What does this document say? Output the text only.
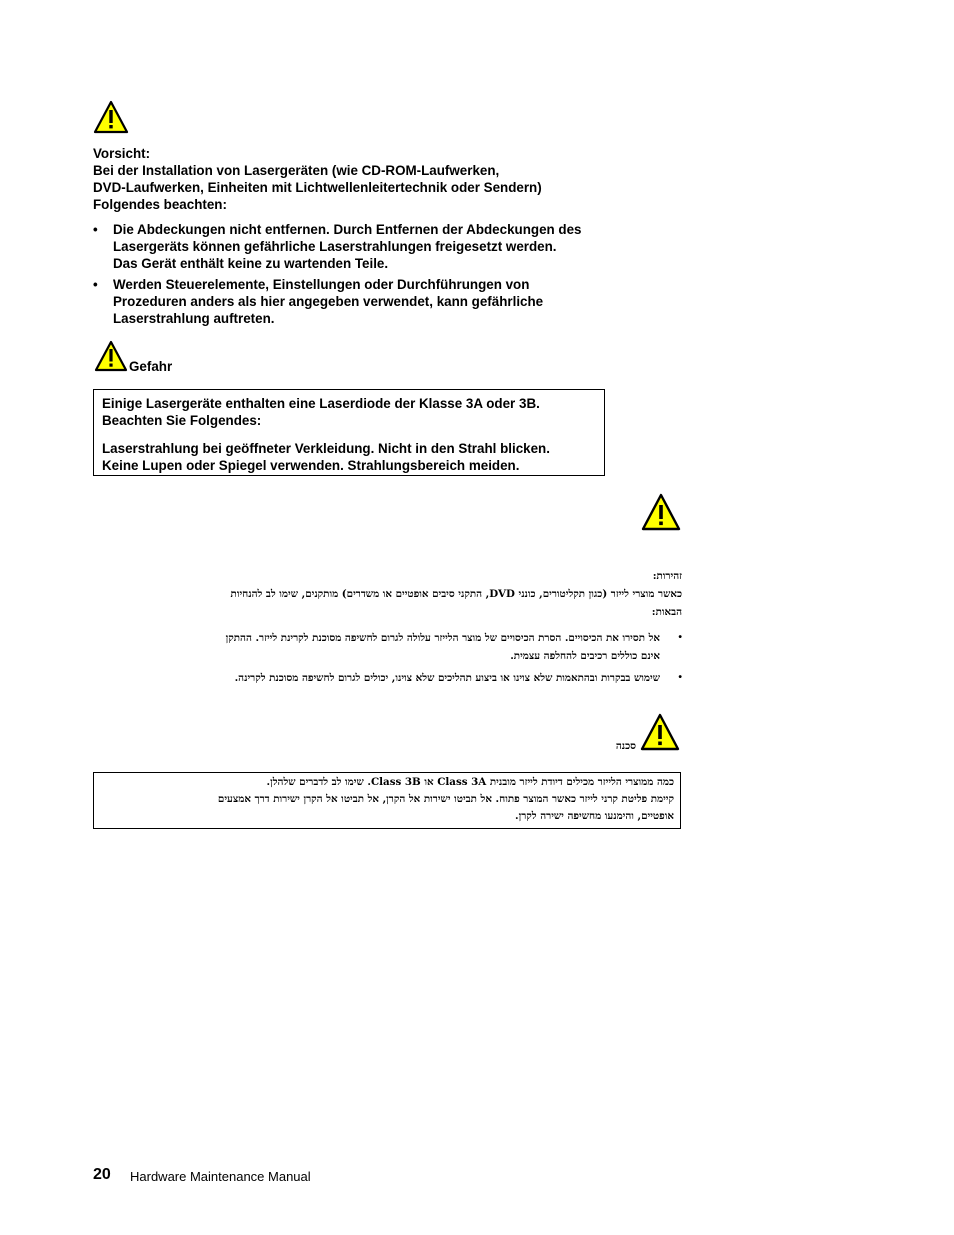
Vorsicht:

Bei der Installation von Lasergeräten (wie CD-ROM-Laufwerken,

DVD-Laufwerken, Einheiten mit Lichtwellenleitertechnik oder Sendern)

Folgendes beachten:

• Die Abdeckungen nicht entfernen. Durch Entfernen der Abdeckungen des

Lasergeräts können gefährliche Laserstrahlungen freigesetzt werden.

Das Gerät enthält keine zu wartenden Teile.

• Werden Steuerelemente, Einstellungen oder Durchführungen von

Prozeduren anders als hier angegeben verwendet, kann gefährliche

Laserstrahlung auftreten.

Gefahr

Einige Lasergeräte enthalten eine Laserdiode der Klasse 3A oder 3B.

Beachten Sie Folgendes:

Laserstrahlung bei geöffneter Verkleidung. Nicht in den Strahl blicken.

Keine Lupen oder Spiegel verwenden. Strahlungsbereich meiden.

זהירות:

כאשר מוצרי לייזר (כגון תקליטורים, כונני DVD, התקני סיבים אופטיים או משדרים) מותקנים, שימו לב להנחיות

הבאות:

•

אל תסירו את הכיסויים. הסרת הכיסויים של מוצר הלייזר עלולה לגרום לחשיפה מסוכנת לקרינת לייזר. ההתקן

אינם כוללים רכיבים להחלפה עצמית.

•

שימוש בבקרות ובהתאמות שלא צוינו או ביצוע תהליכים שלא צוינו, יכולים לגרום לחשיפה מסוכנת לקרינה.

סכנה

כמה ממוצרי הלייזר מכילים דיודת לייזר מובנית Class 3A או Class 3B. שימו לב לדברים שלהלן.

קיימת פליטת קרני לייזר כאשר המוצר פתוח. אל תביטו ישירות אל הקרן, אל תביטו אל הקרן ישירות דרך אמצעים

אופטיים, והימנעו מחשיפה ישירה לקרן.

20 Hardware Maintenance Manual
